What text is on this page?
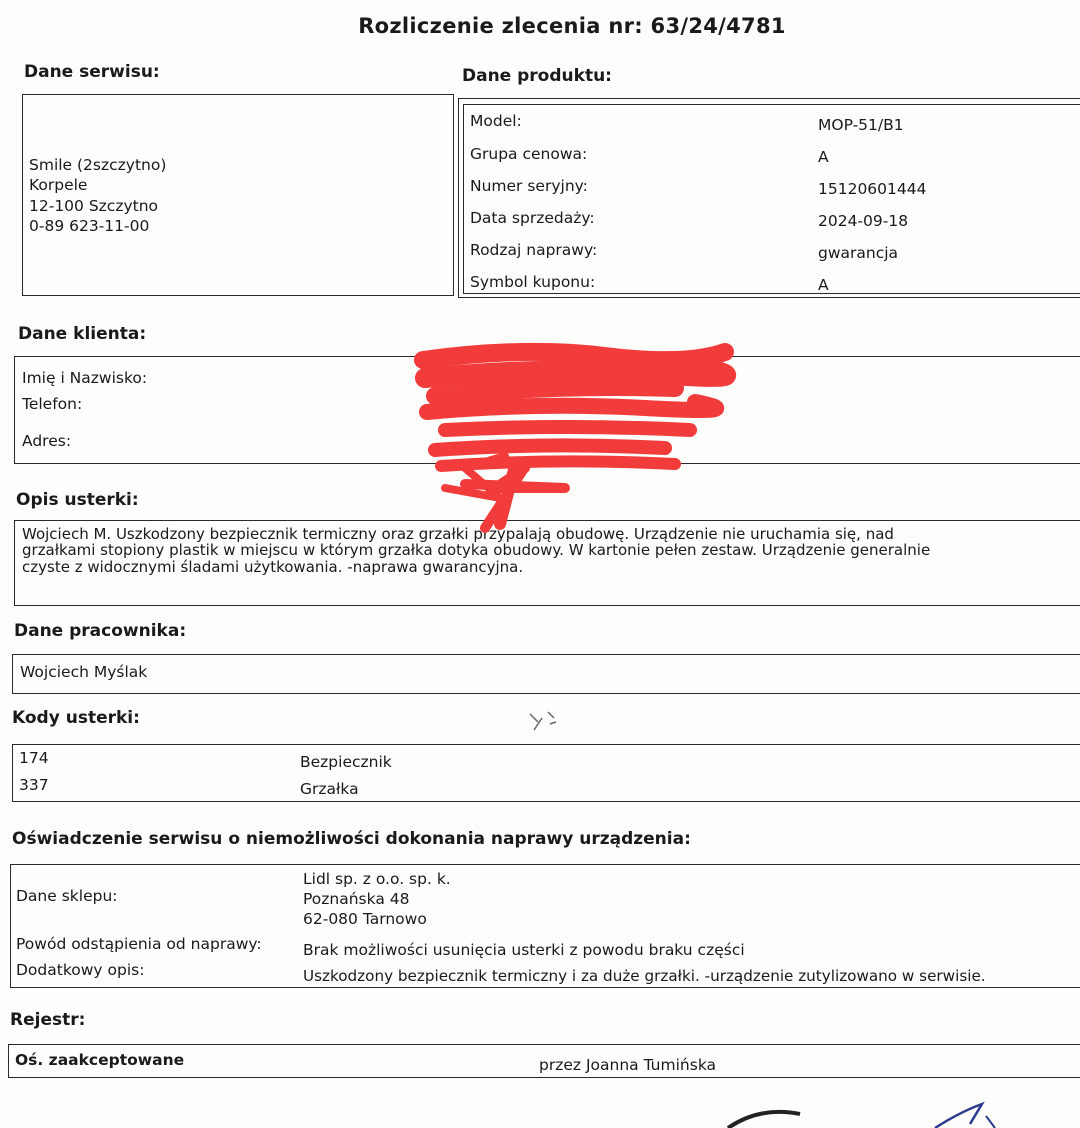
Rozliczenie zlecenia nr: 63/24/4781
Dane serwisu:
Smile (2szczytno)
Korpele
12-100 Szczytno
0-89 623-11-00
Dane produktu:
Model:	MOP-51/B1
Grupa cenowa:	A
Numer seryjny:	15120601444
Data sprzedaży:	2024-09-18
Rodzaj naprawy:	gwarancja
Symbol kuponu:	A
Dane klienta:
Imię i Nazwisko:
Telefon:
Adres:
DA
7
Opis usterki:
Wojciech M. Uszkodzony bezpiecznik termiczny oraz grzałki przypalają obudowę. Urządzenie nie uruchamia się, nad
grzałkami stopiony plastik w miejscu w którym grzałka dotyka obudowy. W kartonie pełen zestaw. Urządzenie generalnie
czyste z widocznymi śladami użytkowania. -naprawa gwarancyjna.
Dane pracownika:
Wojciech Myślak
Kody usterki:
174	Bezpiecznik
337	Grzałka
Oświadczenie serwisu o niemożliwości dokonania naprawy urządzenia:
Dane sklepu:
Lidl sp. z o.o. sp. k.
Poznańska 48
62-080 Tarnowo
Powód odstąpienia od naprawy:	Brak możliwości usunięcia usterki z powodu braku części
Dodatkowy opis:	Uszkodzony bezpiecznik termiczny i za duże grzałki. -urządzenie zutylizowano w serwisie.
Rejestr:
Oś. zaakceptowane	przez Joanna Tumińska
